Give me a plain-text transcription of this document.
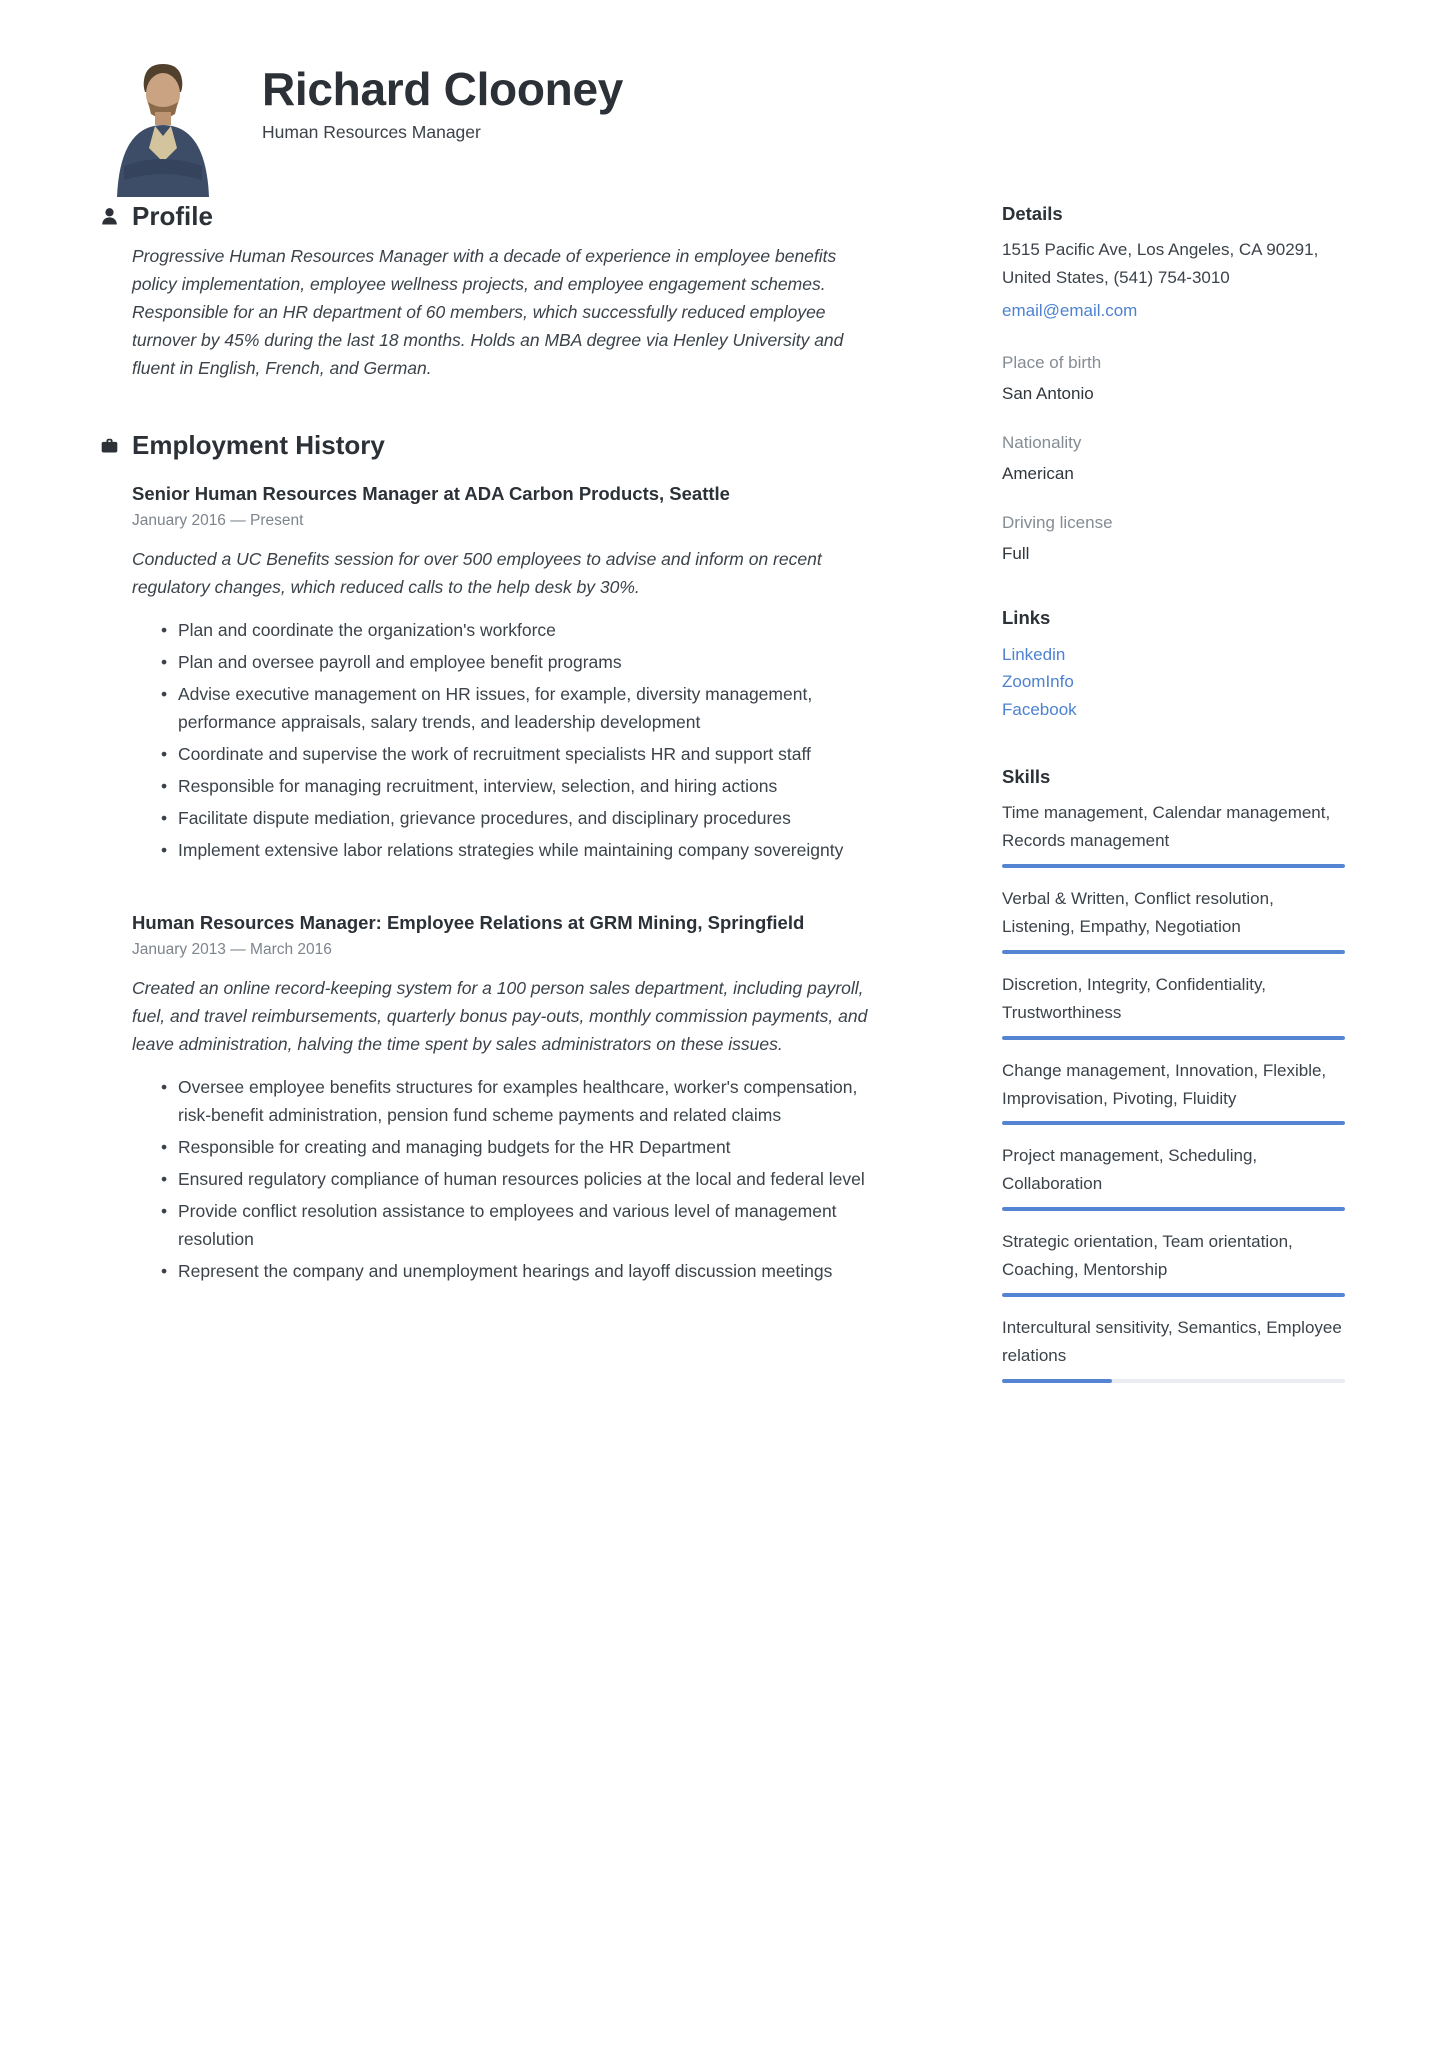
Richard Clooney
Human Resources Manager
Profile

Progressive Human Resources Manager with a decade of experience in employee benefits policy implementation, employee wellness projects, and employee engagement schemes. Responsible for an HR department of 60 members, which successfully reduced employee turnover by 45% during the last 18 months. Holds an MBA degree via Henley University and fluent in English, French, and German.

Employment History
Senior Human Resources Manager at ADA Carbon Products, Seattle
January 2016 — Present

Conducted a UC Benefits session for over 500 employees to advise and inform on recent regulatory changes, which reduced calls to the help desk by 30%.

• Plan and coordinate the organization's workforce
• Plan and oversee payroll and employee benefit programs
• Advise executive management on HR issues, for example, diversity management, performance appraisals, salary trends, and leadership development
• Coordinate and supervise the work of recruitment specialists HR and support staff
• Responsible for managing recruitment, interview, selection, and hiring actions
• Facilitate dispute mediation, grievance procedures, and disciplinary procedures
• Implement extensive labor relations strategies while maintaining company sovereignty
Human Resources Manager: Employee Relations at GRM Mining, Springfield
January 2013 — March 2016

Created an online record-keeping system for a 100 person sales department, including payroll, fuel, and travel reimbursements, quarterly bonus pay-outs, monthly commission payments, and leave administration, halving the time spent by sales administrators on these issues.

• Oversee employee benefits structures for examples healthcare, worker's compensation, risk-benefit administration, pension fund scheme payments and related claims
• Responsible for creating and managing budgets for the HR Department
• Ensured regulatory compliance of human resources policies at the local and federal level
• Provide conflict resolution assistance to employees and various level of management resolution
• Represent the company and unemployment hearings and layoff discussion meetings
Details

1515 Pacific Ave, Los Angeles, CA 90291, United States, (541) 754-3010

email@email.com
Place of birth
San Antonio
Nationality
American
Driving license
Full
Links
Linkedin
ZoomInfo
Facebook
Skills
Time management, Calendar management, Records management
Verbal & Written, Conflict resolution, Listening, Empathy, Negotiation
Discretion, Integrity, Confidentiality, Trustworthiness
Change management, Innovation, Flexible, Improvisation, Pivoting, Fluidity
Project management, Scheduling, Collaboration
Strategic orientation, Team orientation, Coaching, Mentorship
Intercultural sensitivity, Semantics, Employee relations
